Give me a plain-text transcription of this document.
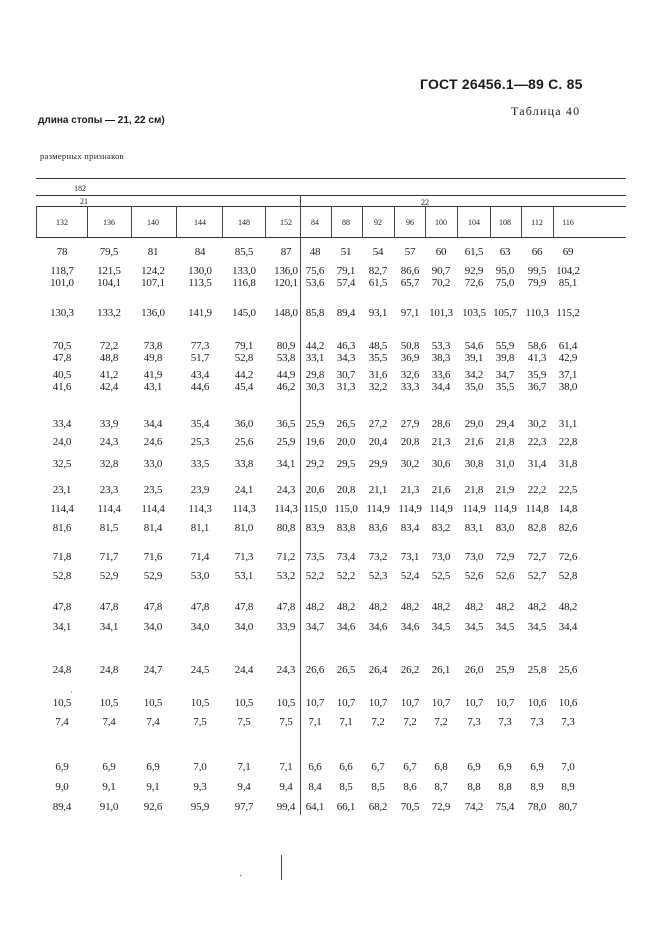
ГОСТ 26456.1—89 С. 85
Таблица 40
длина стопы — 21, 22 см)
размерных признаков
182
21	22
132	136	140	144	148	152	84	88	92	96	100	104	108	112	116
78	79,5	81	84	85,5	87	48	51	54	57	60	61,5	63	66	69
118,7	121,5	124,2	130,0	133,0	136,0 75,6	79,1	82,7	86,6	90,7	92,9	95,0	99,5 104,2
101,0	104,1	107,1	113,5	116,8	120,1 53,6	57,4	61,5	65,7	70,2	72,6	75,0	79,9	85,1
130,3	133,2	136,0	141,9	145,0	148,0 85,8	89,4	93,1	97,1 101,3 103,5 105,7 110,3 115,2
70,5	72,2	73,8	77,3	79,1	80,9 44,2	46,3	48,5	50,8	53,3	54,6	55,9	58,6	61,4
47,8	48,8	49,8	51,7	52,8	53,8 33,1	34,3	35,5	36,9	38,3	39,1	39,8	41,3	42,9
40,5	41,2	41,9	43,4	44,2	44,9 29,8	30,7	31,6	32,6	33,6	34,2	34,7	35,9	37,1
41,6	42,4	43,1	44,6	45,4	46,2 30,3	31,3	32,2	33,3	34,4	35,0	35,5	36,7	38,0
33,4	33,9	34,4	35,4	36,0	36,5 25,9	26,5	27,2	27,9	28,6	29,0	29,4	30,2	31,1
24,0	24,3	24,6	25,3	25,6	25,9 19,6	20,0	20,4	20,8	21,3	21,6	21,8	22,3	22,8
32,5	32,8	33,0	33,5	33,8	34,1 29,2	29,5	29,9	30,2	30,6	30,8	31,0	31,4	31,8
23,1	23,3	23,5	23,9	24,1	24,3 20,6	20,8	21,1	21,3	21,6	21,8	21,9	22,2	22,5
114,4	114,4	114,4	114,3	114,3	114,3 115,0 115,0 114,9 114,9 114,9 114,9 114,9 114,8 14,8
81,6	81,5	81,4	81,1	81,0	80,8 83,9	83,8	83,6	83,4	83,2	83,1	83,0	82,8	82,6
71,8	71,7	71,6	71,4	71,3	71,2 73,5	73,4	73,2	73,1	73,0	73,0	72,9	72,7	72,6
52,8	52,9	52,9	53,0	53,1	53,2 52,2	52,2	52,3	52,4	52,5	52,6	52,6	52,7	52,8
47,8	47,8	47,8	47,8	47,8	47,8 48,2	48,2	48,2	48,2	48,2	48,2	48,2	48,2	48,2
34,1	34,1	34,0	34,0	34,0	33,9 34,7	34,6	34,6	34,6	34,5	34,5	34,5	34,5	34,4
24,8	24,8	24,7	24,5	24,4	24,3 26,6	26,5	26,4	26,2	26,1	26,0	25,9	25,8	25,6
10,5	10,5	10,5	10,5	10,5	10,5 10,7	10,7	10,7	10,7	10,7	10,7	10,7	10,6	10,6
7,4	7,4	7,4	7,5	7,5	7,5	7,1	7,1	7,2	7,2	7,2	7,3	7,3	7,3	7,3
6,9	6,9	6,9	7,0	7,1	7,1	6,6	6,6	6,7	6,7	6,8	6,9	6,9	6,9	7,0
9,0	9,1	9,1	9,3	9,4	9,4	8,4	8,5	8,5	8,6	8,7	8,8	8,8	8,9	8,9
89,4	91,0	92,6	95,9	97,7	99,4 64,1	66,1	68,2	70,5	72,9	74,2	75,4	78,0	80,7
ˏ
·
